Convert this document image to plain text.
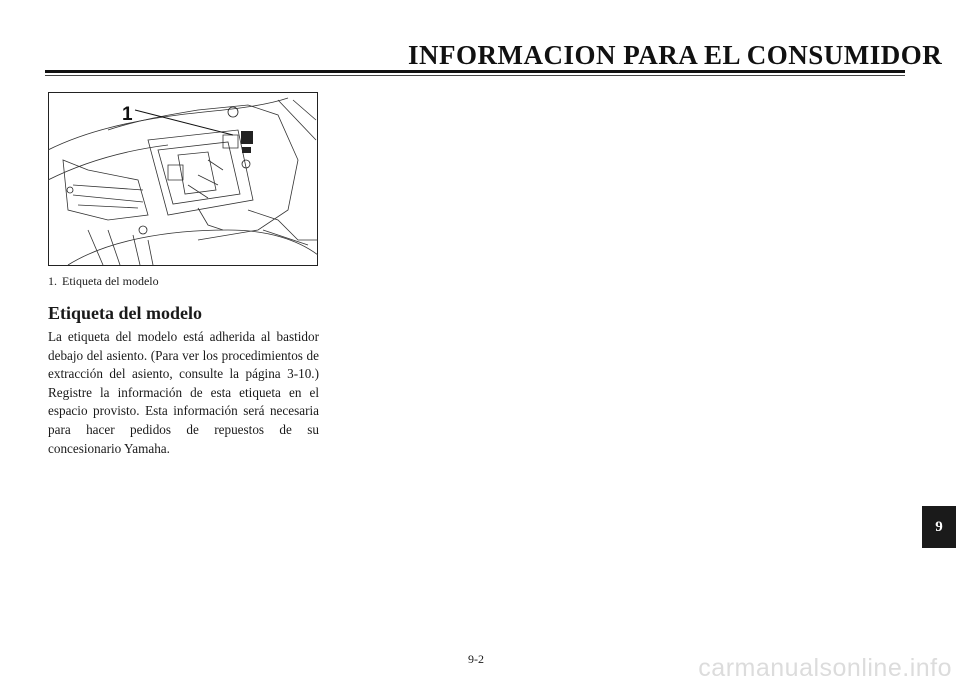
INFORMACION PARA EL CONSUMIDOR
1
1. Etiqueta del modelo
Etiqueta del modelo
La etiqueta del modelo está adherida al bastidor debajo del asiento. (Para ver los procedimientos de extracción del asiento, consulte la página 3-10.) Registre la información de esta etiqueta en el espacio provisto. Esta información será necesaria para hacer pedidos de repuestos de su concesionario Yamaha.
9-2
9
carmanualsonline.info
